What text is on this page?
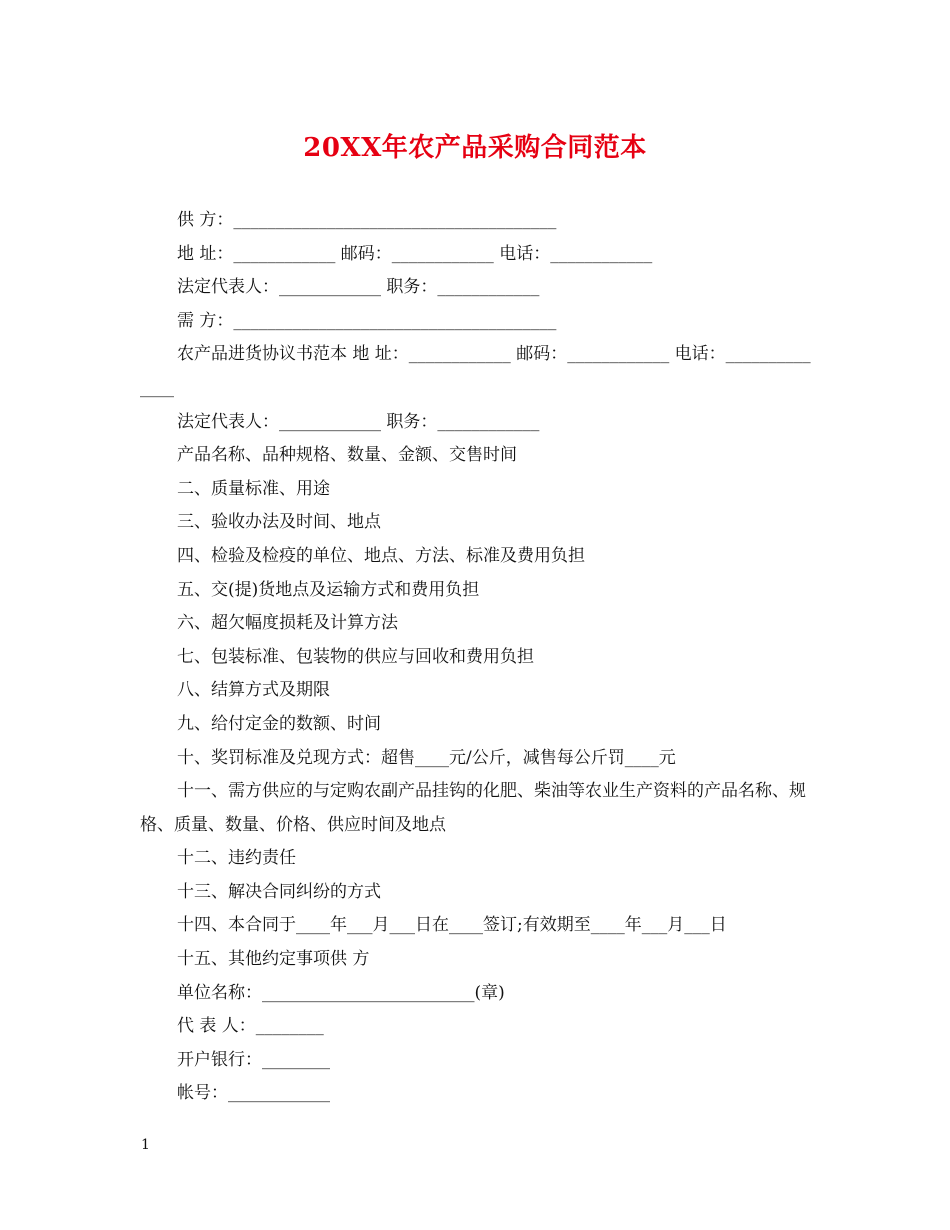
20XX年农产品采购合同范本
供 方：______________________________________
地 址：____________ 邮码：____________ 电话：____________
法定代表人：____________ 职务：____________
需 方：______________________________________
农产品进货协议书范本 地 址：____________ 邮码：____________ 电话：______________
法定代表人：____________ 职务：____________
产品名称、品种规格、数量、金额、交售时间
二、质量标准、用途
三、验收办法及时间、地点
四、检验及检疫的单位、地点、方法、标准及费用负担
五、交(提)货地点及运输方式和费用负担
六、超欠幅度损耗及计算方法
七、包装标准、包装物的供应与回收和费用负担
八、结算方式及期限
九、给付定金的数额、时间
十、奖罚标准及兑现方式：超售____元/公斤，减售每公斤罚____元
十一、需方供应的与定购农副产品挂钩的化肥、柴油等农业生产资料的产品名称、规格、质量、数量、价格、供应时间及地点
十二、违约责任
十三、解决合同纠纷的方式
十四、本合同于____年___月___日在____签订;有效期至____年___月___日
十五、其他约定事项供 方
单位名称：_________________________(章)
代 表 人：________
开户银行：________
帐号：____________
1
